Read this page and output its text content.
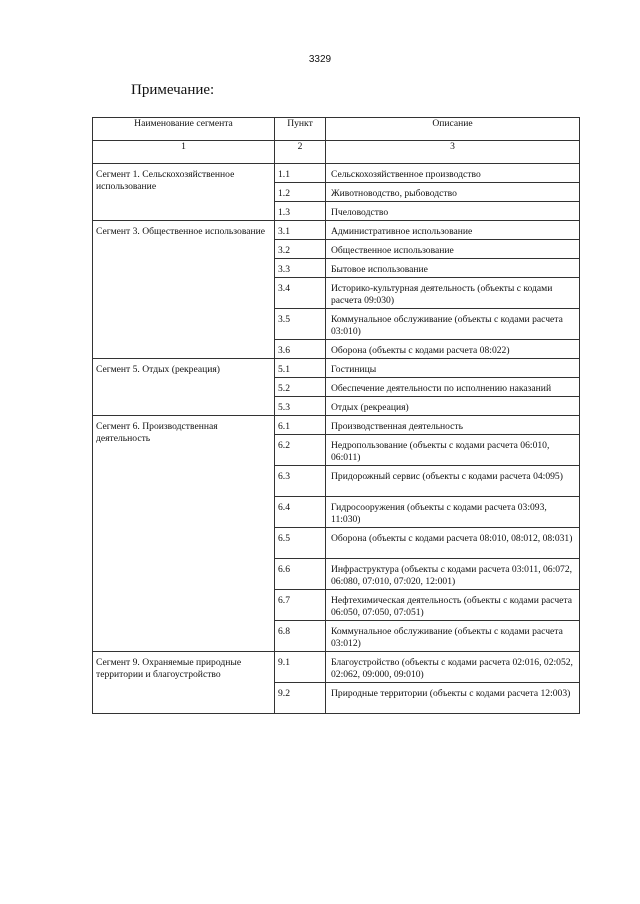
3329
Примечание:
Наименование сегмента	Пункт	Описание
1	2	3
Сегмент 1. Сельскохозяйственное использование	1.1	Сельскохозяйственное производство
	1.2	Животноводство, рыбоводство
	1.3	Пчеловодство
Сегмент 3. Общественное использование	3.1	Административное использование
	3.2	Общественное использование
	3.3	Бытовое использование
	3.4	Историко-культурная деятельность (объекты с кодами расчета 09:030)
	3.5	Коммунальное обслуживание (объекты с кодами расчета 03:010)
	3.6	Оборона (объекты с кодами расчета 08:022)
Сегмент 5. Отдых (рекреация)	5.1	Гостиницы
	5.2	Обеспечение деятельности по исполнению наказаний
	5.3	Отдых (рекреация)
Сегмент 6. Производственная деятельность	6.1	Производственная деятельность
	6.2	Недропользование (объекты с кодами расчета 06:010, 06:011)
	6.3	Придорожный сервис (объекты с кодами расчета 04:095)
	6.4	Гидросооружения (объекты с кодами расчета 03:093, 11:030)
	6.5	Оборона (объекты с кодами расчета 08:010, 08:012, 08:031)
	6.6	Инфраструктура (объекты с кодами расчета 03:011, 06:072, 06:080, 07:010, 07:020, 12:001)
	6.7	Нефтехимическая деятельность (объекты с кодами расчета 06:050, 07:050, 07:051)
	6.8	Коммунальное обслуживание (объекты с кодами расчета 03:012)
Сегмент 9. Охраняемые природные территории и благоустройство	9.1	Благоустройство (объекты с кодами расчета 02:016, 02:052, 02:062, 09:000, 09:010)
	9.2	Природные территории (объекты с кодами расчета 12:003)
